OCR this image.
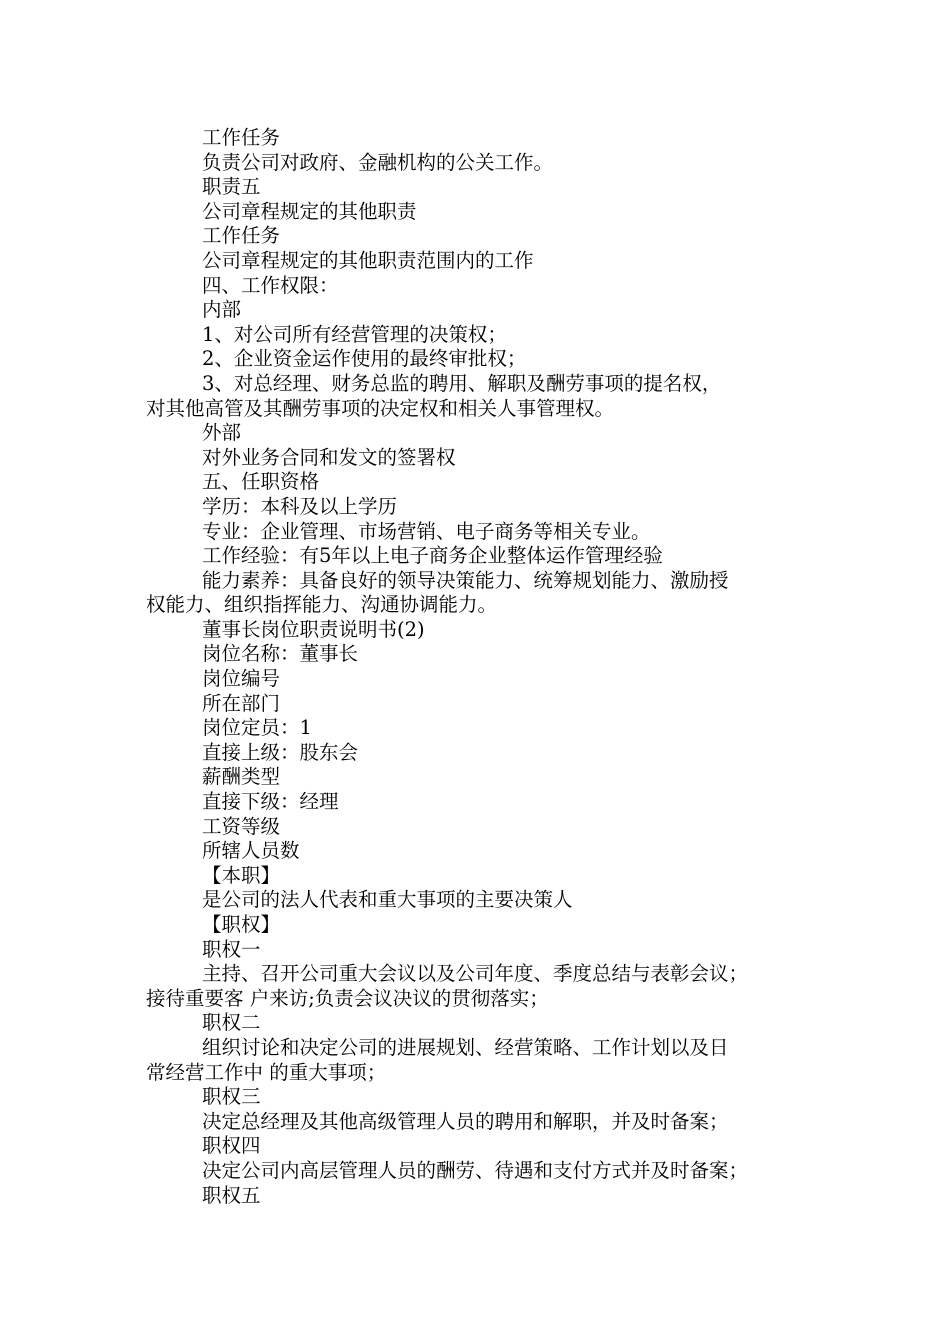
工作任务
负责公司对政府、金融机构的公关工作。
职责五
公司章程规定的其他职责
工作任务
公司章程规定的其他职责范围内的工作
四、工作权限：
内部
1、对公司所有经营管理的决策权；
2、企业资金运作使用的最终审批权；
3、对总经理、财务总监的聘用、解职及酬劳事项的提名权，
对其他高管及其酬劳事项的决定权和相关人事管理权。
外部
对外业务合同和发文的签署权
五、任职资格
学历：本科及以上学历
专业：企业管理、市场营销、电子商务等相关专业。
工作经验：有5年以上电子商务企业整体运作管理经验
能力素养：具备良好的领导决策能力、统筹规划能力、激励授
权能力、组织指挥能力、沟通协调能力。
董事长岗位职责说明书(2)
岗位名称：董事长
岗位编号
所在部门
岗位定员：1
直接上级：股东会
薪酬类型
直接下级：经理
工资等级
所辖人员数
【本职】
是公司的法人代表和重大事项的主要决策人
【职权】
职权一
主持、召开公司重大会议以及公司年度、季度总结与表彰会议；
接待重要客 户来访;负责会议决议的贯彻落实；
职权二
组织讨论和决定公司的进展规划、经营策略、工作计划以及日
常经营工作中 的重大事项；
职权三
决定总经理及其他高级管理人员的聘用和解职，并及时备案；
职权四
决定公司内高层管理人员的酬劳、待遇和支付方式并及时备案；
职权五
